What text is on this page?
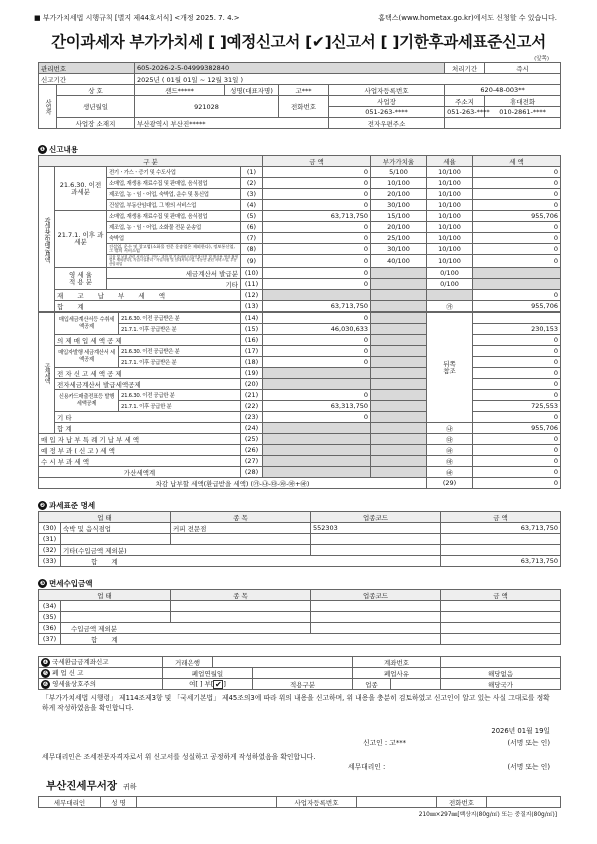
■ 부가가치세법 시행규칙 [별지 제44호서식] <개정 2025. 7. 4.>	홈택스(www.hometax.go.kr)에서도 신청할 수 있습니다.
간이과세자 부가가치세 [ ]예정신고서 [✔]신고서 [ ]기한후과세표준신고서
(앞쪽)
관리번호		605-2026-2-5-04999382840				처리기간	즉시
신고기간		2025년 ( 01월 01일 ~ 12월 31일 )					
사업자	상 호	샌드*****	성명(대표자명)	고***	사업자등록번호	620-48-003**	
	생년월일	921028		전화번호	사업장	주소지	휴대전화
					051-263-****	051-263-****	010-2861-****
	사업장 소재지	부산광역시 부산진*****			전자우편주소		
❶ 신고내용
구 분				금 액	부가가치율	세율	세 액
과세표준및매출세액	21.6.30. 이전 과세분	전기ㆍ가스ㆍ증기 및 수도사업	(1)	0	5/100	10/100	0
		소매업, 재생용 재료수집 및 판매업, 음식점업	(2)	0	10/100	10/100	0
		제조업, 농ㆍ임ㆍ어업, 숙박업, 운수 및 통신업	(3)	0	20/100	10/100	0
		건설업, 부동산임대업, 그 밖의 서비스업	(4)	0	30/100	10/100	0
	21.7.1. 이후 과세분	소매업, 재생용 재료수집 및 판매업, 음식점업	(5)	63,713,750	15/100	10/100	955,706
		제조업, 농ㆍ임ㆍ어업, 소화물 전문 운송업	(6)	0	20/100	10/100	0
		숙박업	(7)	0	25/100	10/100	0
		건설업, 운수 및 창고업(소화물 전문 운송업은 제외한다), 정보통신업, 그 밖의 서비스업	(8)	0	30/100	10/100	0
		금융 및 보험 관련 서비스업, 전문ㆍ과학 및 기술서비스업(인물사진 및 행사용 영상 촬영업은 제외한다), 사업시설관리ㆍ사업지원 및 임대서비스업, 부동산 관련 서비스업, 부동산임대업	(9)	0	40/100	10/100	0
	영 세 율
적 용 분	세금계산서 발급분	(10)	0		0/100	
		기타	(11)	0		0/100	
	재 고 납 부 세 액		(12)				0
	합 계		(13)	63,713,750		㉮	955,706
공제세액	매입세금계산서등 수취세액공제	21.6.30. 이전 공급받은 분	(14)	0		뒤쪽
참조	
		21.7.1. 이후 공급받은 분	(15)	46,030,633			230,153
	의 제 매 입 세 액 공 제		(16)	0			0
	매입자발행 세금계산서 세액공제	21.6.30. 이전 공급받은 분	(17)	0			0
		21.7.1. 이후 공급받은 분	(18)	0			0
	전 자 신 고 세 액 공 제		(19)				0
	전자세금계산서 발급세액공제		(20)				0
	신용카드매출전표등 발행세액공제	21.6.30. 이전 공급한 분	(21)	0			0
		21.7.1. 이후 공급한 분	(22)	63,313,750			725,553
	기 타		(23)	0			0
	합 계		(24)			㉯	955,706
매 입 자 납 부 특 례 기 납 부 세 액			(25)			㉰	0
예 정 부 과 ( 신 고 ) 세 액			(26)			㉱	0
수 시 부 과 세 액			(27)			㉲	0
가산세액계			(28)			㉳	0
차감 납부할 세액(환급받을 세액) (㉮-㉯-㉰-㉱-㉲+㉳)						(29)	0
❷ 과세표준 명세
업 태		종 목	업종코드	금 액
(30)	숙박 및 음식점업	커피 전문점	552303	63,713,750
(31)				
(32)	기타(수입금액 제외분)			
(33)	합 계			63,713,750
❸ 면세수입금액
업 태		종 목	업종코드	금 액
(34)				
(35)				
(36)	수입금액 제외분			
(37)	합 계			
❹ 국세환급금계좌신고	거래은행			계좌번호		
❺ 폐 업 신 고	폐업연월일			폐업사유		해당없음
❻ 영세율상호주의	여[ ] 부[ ✔ ]		적용구분	업종		해당국가
「부가가치세법 시행령」 제114조제3항 및 「국세기본법」 제45조의3에 따라 위의 내용을 신고하며, 위 내용을 충분히 검토하였고 신고인이 알고 있는 사실 그대로를 정확하게 작성하였음을 확인합니다.
2026년 01월 19일
신고인 : 고***	(서명 또는 인)
세무대리인은 조세전문자격자로서 위 신고서를 성실하고 공정하게 작성하였음을 확인합니다.
세무대리인 :	(서명 또는 인)
부산진세무서장 귀하
세무대리인	성 명		사업자등록번호		전화번호	
210㎜×297㎜[백상지(80g/㎡) 또는 중질지(80g/㎡)]
